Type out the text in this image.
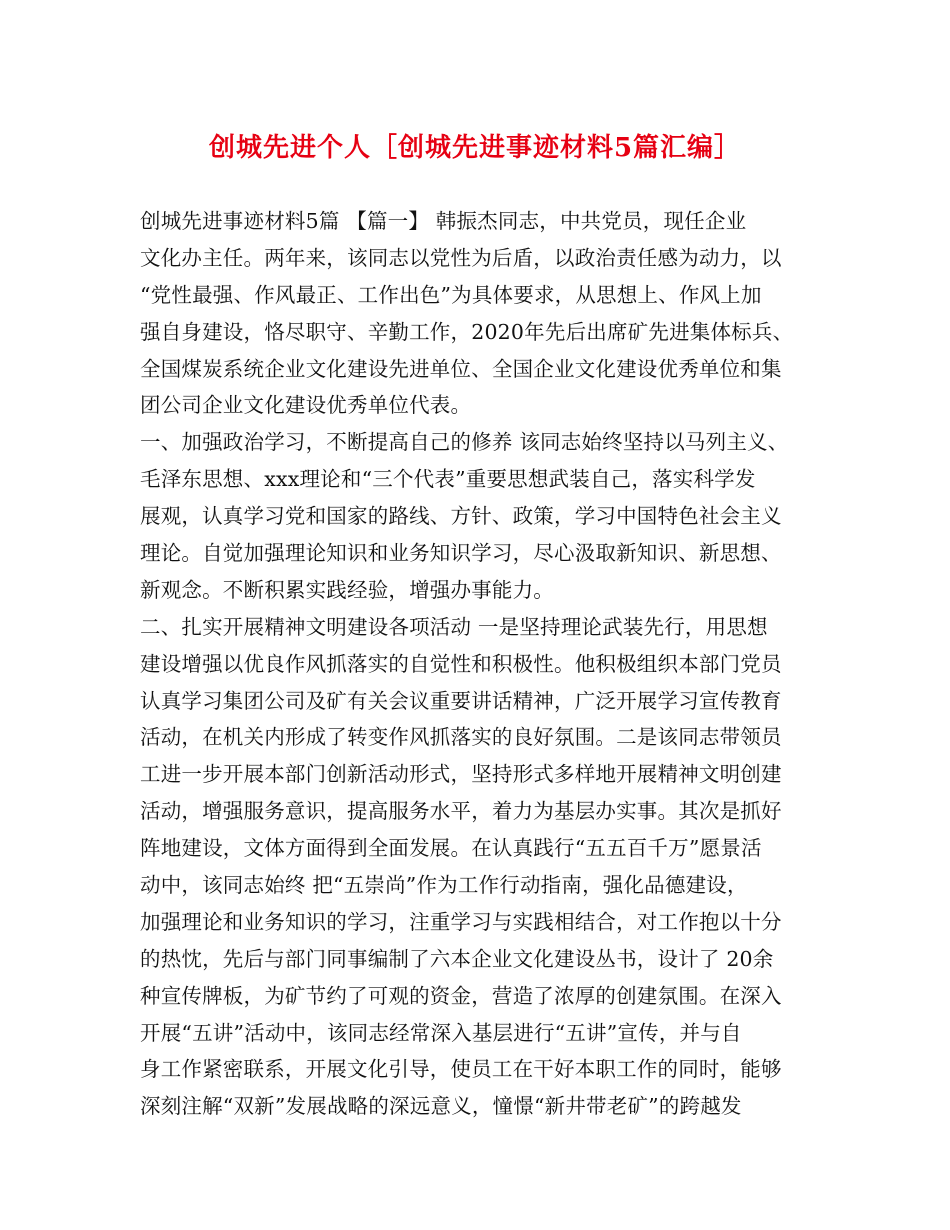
创城先进个人［创城先进事迹材料5篇汇编］
创城先进事迹材料5篇 【篇一】 韩振杰同志，中共党员，现任企业
文化办主任。两年来，该同志以党性为后盾，以政治责任感为动力，以
“党性最强、作风最正、工作出色”为具体要求，从思想上、作风上加
强自身建设，恪尽职守、辛勤工作，2020年先后出席矿先进集体标兵、
全国煤炭系统企业文化建设先进单位、全国企业文化建设优秀单位和集
团公司企业文化建设优秀单位代表。
一、加强政治学习，不断提高自己的修养 该同志始终坚持以马列主义、
毛泽东思想、xxx理论和“三个代表”重要思想武装自己，落实科学发
展观，认真学习党和国家的路线、方针、政策，学习中国特色社会主义
理论。自觉加强理论知识和业务知识学习，尽心汲取新知识、新思想、
新观念。不断积累实践经验，增强办事能力。
二、扎实开展精神文明建设各项活动 一是坚持理论武装先行，用思想
建设增强以优良作风抓落实的自觉性和积极性。他积极组织本部门党员
认真学习集团公司及矿有关会议重要讲话精神，广泛开展学习宣传教育
活动，在机关内形成了转变作风抓落实的良好氛围。二是该同志带领员
工进一步开展本部门创新活动形式，坚持形式多样地开展精神文明创建
活动，增强服务意识，提高服务水平，着力为基层办实事。其次是抓好
阵地建设，文体方面得到全面发展。在认真践行“五五百千万”愿景活
动中，该同志始终 把“五崇尚”作为工作行动指南，强化品德建设，
加强理论和业务知识的学习，注重学习与实践相结合，对工作抱以十分
的热忱，先后与部门同事编制了六本企业文化建设丛书，设计了 20余
种宣传牌板，为矿节约了可观的资金，营造了浓厚的创建氛围。在深入
开展“五讲”活动中，该同志经常深入基层进行“五讲”宣传，并与自
身工作紧密联系，开展文化引导，使员工在干好本职工作的同时，能够
深刻注解“双新”发展战略的深远意义，憧憬“新井带老矿”的跨越发
